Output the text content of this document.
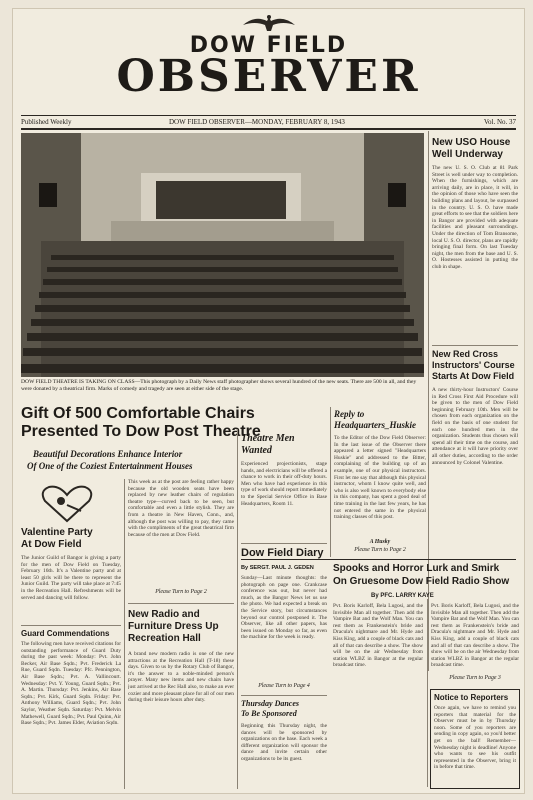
DOW FIELD
OBSERVER
Published Weekly	DOW FIELD OBSERVER—MONDAY, FEBRUARY 8, 1943	Vol. No. 37
DOW FIELD THEATRE IS TAKING ON CLASS—This photograph by a Daily News staff photographer shows several hundred of the new seats. There are 500 in all, and they were donated by a theatrical firm. Marks of comedy and tragedy are seen at either side of the stage.
Gift Of 500 Comfortable Chairs
Presented To Dow Post Theatre
Beautiful Decorations Enhance Interior
Of One of the Coziest Entertainment Houses
Valentine Party
At Dow Field
The Junior Guild of Bangor is giving a party for the men of Dow Field on Tuesday, February 16th. It's a Valentine party and at least 50 girls will be there to represent the Junior Guild. The party will take place at 7:45 in the Recreation Hall. Refreshments will be served and dancing will follow.
Guard Commendations
The following men have received citations for outstanding performance of Guard Duty during the past week: Monday: Pvt. John Becker, Air Base Sqdn.; Pvt. Frederick La Rue, Guard Sqdn. Tuesday: Pfc. Pennington, Air Base Sqdn.; Pvt. A. Vallincourt. Wednesday: Pvt. Y. Young, Guard Sqdn.; Pvt. A. Martin. Thursday: Pvt. Jenkins, Air Base Sqdn.; Pvt. Kirk, Guard Sqdn. Friday: Pvt. Anthony Williams, Guard Sqdn.; Pvt. John Saylor, Weather Sqdn. Saturday: Pvt. Melvin Mathewell, Guard Sqdn.; Pvt. Paul Quinn, Air Base Sqdn.; Pvt. James Elder, Aviation Sqdn.
This week as at the post are feeling rather happy because the old wooden seats have been replaced by new leather chairs of regulation theatre type—curved back to be seen, but comfortable and even a little stylish. They are from a theatre in New Haven, Conn., and, although the post was willing to pay, they came with the compliments of the great theatrical firm because of the men at Dow Field.
Please Turn to Page 2
New Radio and
Furniture Dress Up
Recreation Hall
A brand new modern radio is one of the new attractions at the Recreation Hall (T-18) these days. Given to us by the Rotary Club of Bangor, it's the answer to a noble-minded person's prayer. Many new items and new chairs have just arrived at the Rec Hall also, to make an ever cozier and more pleasant place for all of our men during their leisure hours after duty.
Theatre Men
Wanted
Experienced projectionists, stage hands, and electricians will be offered a chance to work in their off-duty hours. Men who have had experience in this type of work should report immediately to the Special Service Office in Base Headquarters, Room 11.
Dow Field Diary
By SERGT. PAUL J. GEDEN
Sunday—Last minute thoughts: the photograph on page one. Crankcase conference was out, but never had much, as the Bangor News let us use the photo. We had expected a break on the Service story, but circumstances beyond our control postponed it. The Observer, like all other papers, has been issued on Monday so far, as even the machine for the week is ready.
Please Turn to Page 4
Thursday Dances
To Be Sponsored
Beginning this Thursday night, the dances will be sponsored by organizations on the base. Each week a different organization will sponsor the dance and invite certain other organizations to be its guest.
Reply to
Headquarters_Huskie
To the Editor of the Dow Field Observer: In the last issue of the Observer there appeared a letter signed "Headquarters Huskie" and addressed to the Bitter, complaining of the building up of an example, one of our physical instructors. First let me say that although this physical instructor, whom I know quite well, and who is also well known to everybody else in this company, has spent a good deal of time training in the last few years, he has not entered the same in the physical training classes of this post.
A Husky
Please Turn to Page 2
Spooks and Horror Lurk and Smirk
On Gruesome Dow Field Radio Show
By PFC. LARRY KAYE
Pvt. Boris Karloff, Bela Lugosi, and the Invisible Man all together. Then add the Vampire Bat and the Wolf Man. You can rest them as Frankenstein's bride and Dracula's nightmare and Mr. Hyde and Kiss King, add a couple of black cats and all of that can describe a show. The show will be on the air Wednesday from station WLBZ in Bangor at the regular broadcast time.
New USO House
Well Underway
The new U. S. O. Club at 81 Park Street is well under way to completion. When the furnishings, which are arriving daily, are in place, it will, in the opinion of those who have seen the building plans and layout, be surpassed in the country. U. S. O. have made great efforts to see that the soldiers here in Bangor are provided with adequate facilities and pleasant surroundings. Under the direction of Tom Bransome, local U. S. O. director, plans are rapidly bringing final form. On last Tuesday night, the men from the base and U. S. O. Hostesses assisted in putting the club in shape.
New Red Cross
Instructors' Course
Starts At Dow Field
A new thirty-hour Instructors' Course in Red Cross First Aid Procedure will be given to the men of Dow Field beginning February 10th. Men will be chosen from each organization on the field on the basis of one student for each one hundred men in the organization. Students thus chosen will spend all their time on the course, and attendance at it will have priority over all other duties, according to the order announced by Colonel Valentine.
Pvt. Boris Karloff, Bela Lugosi, and the Invisible Man all together. Then add the Vampire Bat and the Wolf Man. You can rest them as Frankenstein's bride and Dracula's nightmare and Mr. Hyde and Kiss King, add a couple of black cats and all of that can describe a show. The show will be on the air Wednesday from station WLBZ in Bangor at the regular broadcast time.
Please Turn to Page 3
Notice to Reporters
Once again, we have to remind you reporters that material for the Observer must be in by Thursday noon. Some of you reporters are sending in copy again, so you'd better get on the ball! Remember—Wednesday night is deadline! Anyone who wants to see his outfit represented in the Observer, bring it in before that time.
